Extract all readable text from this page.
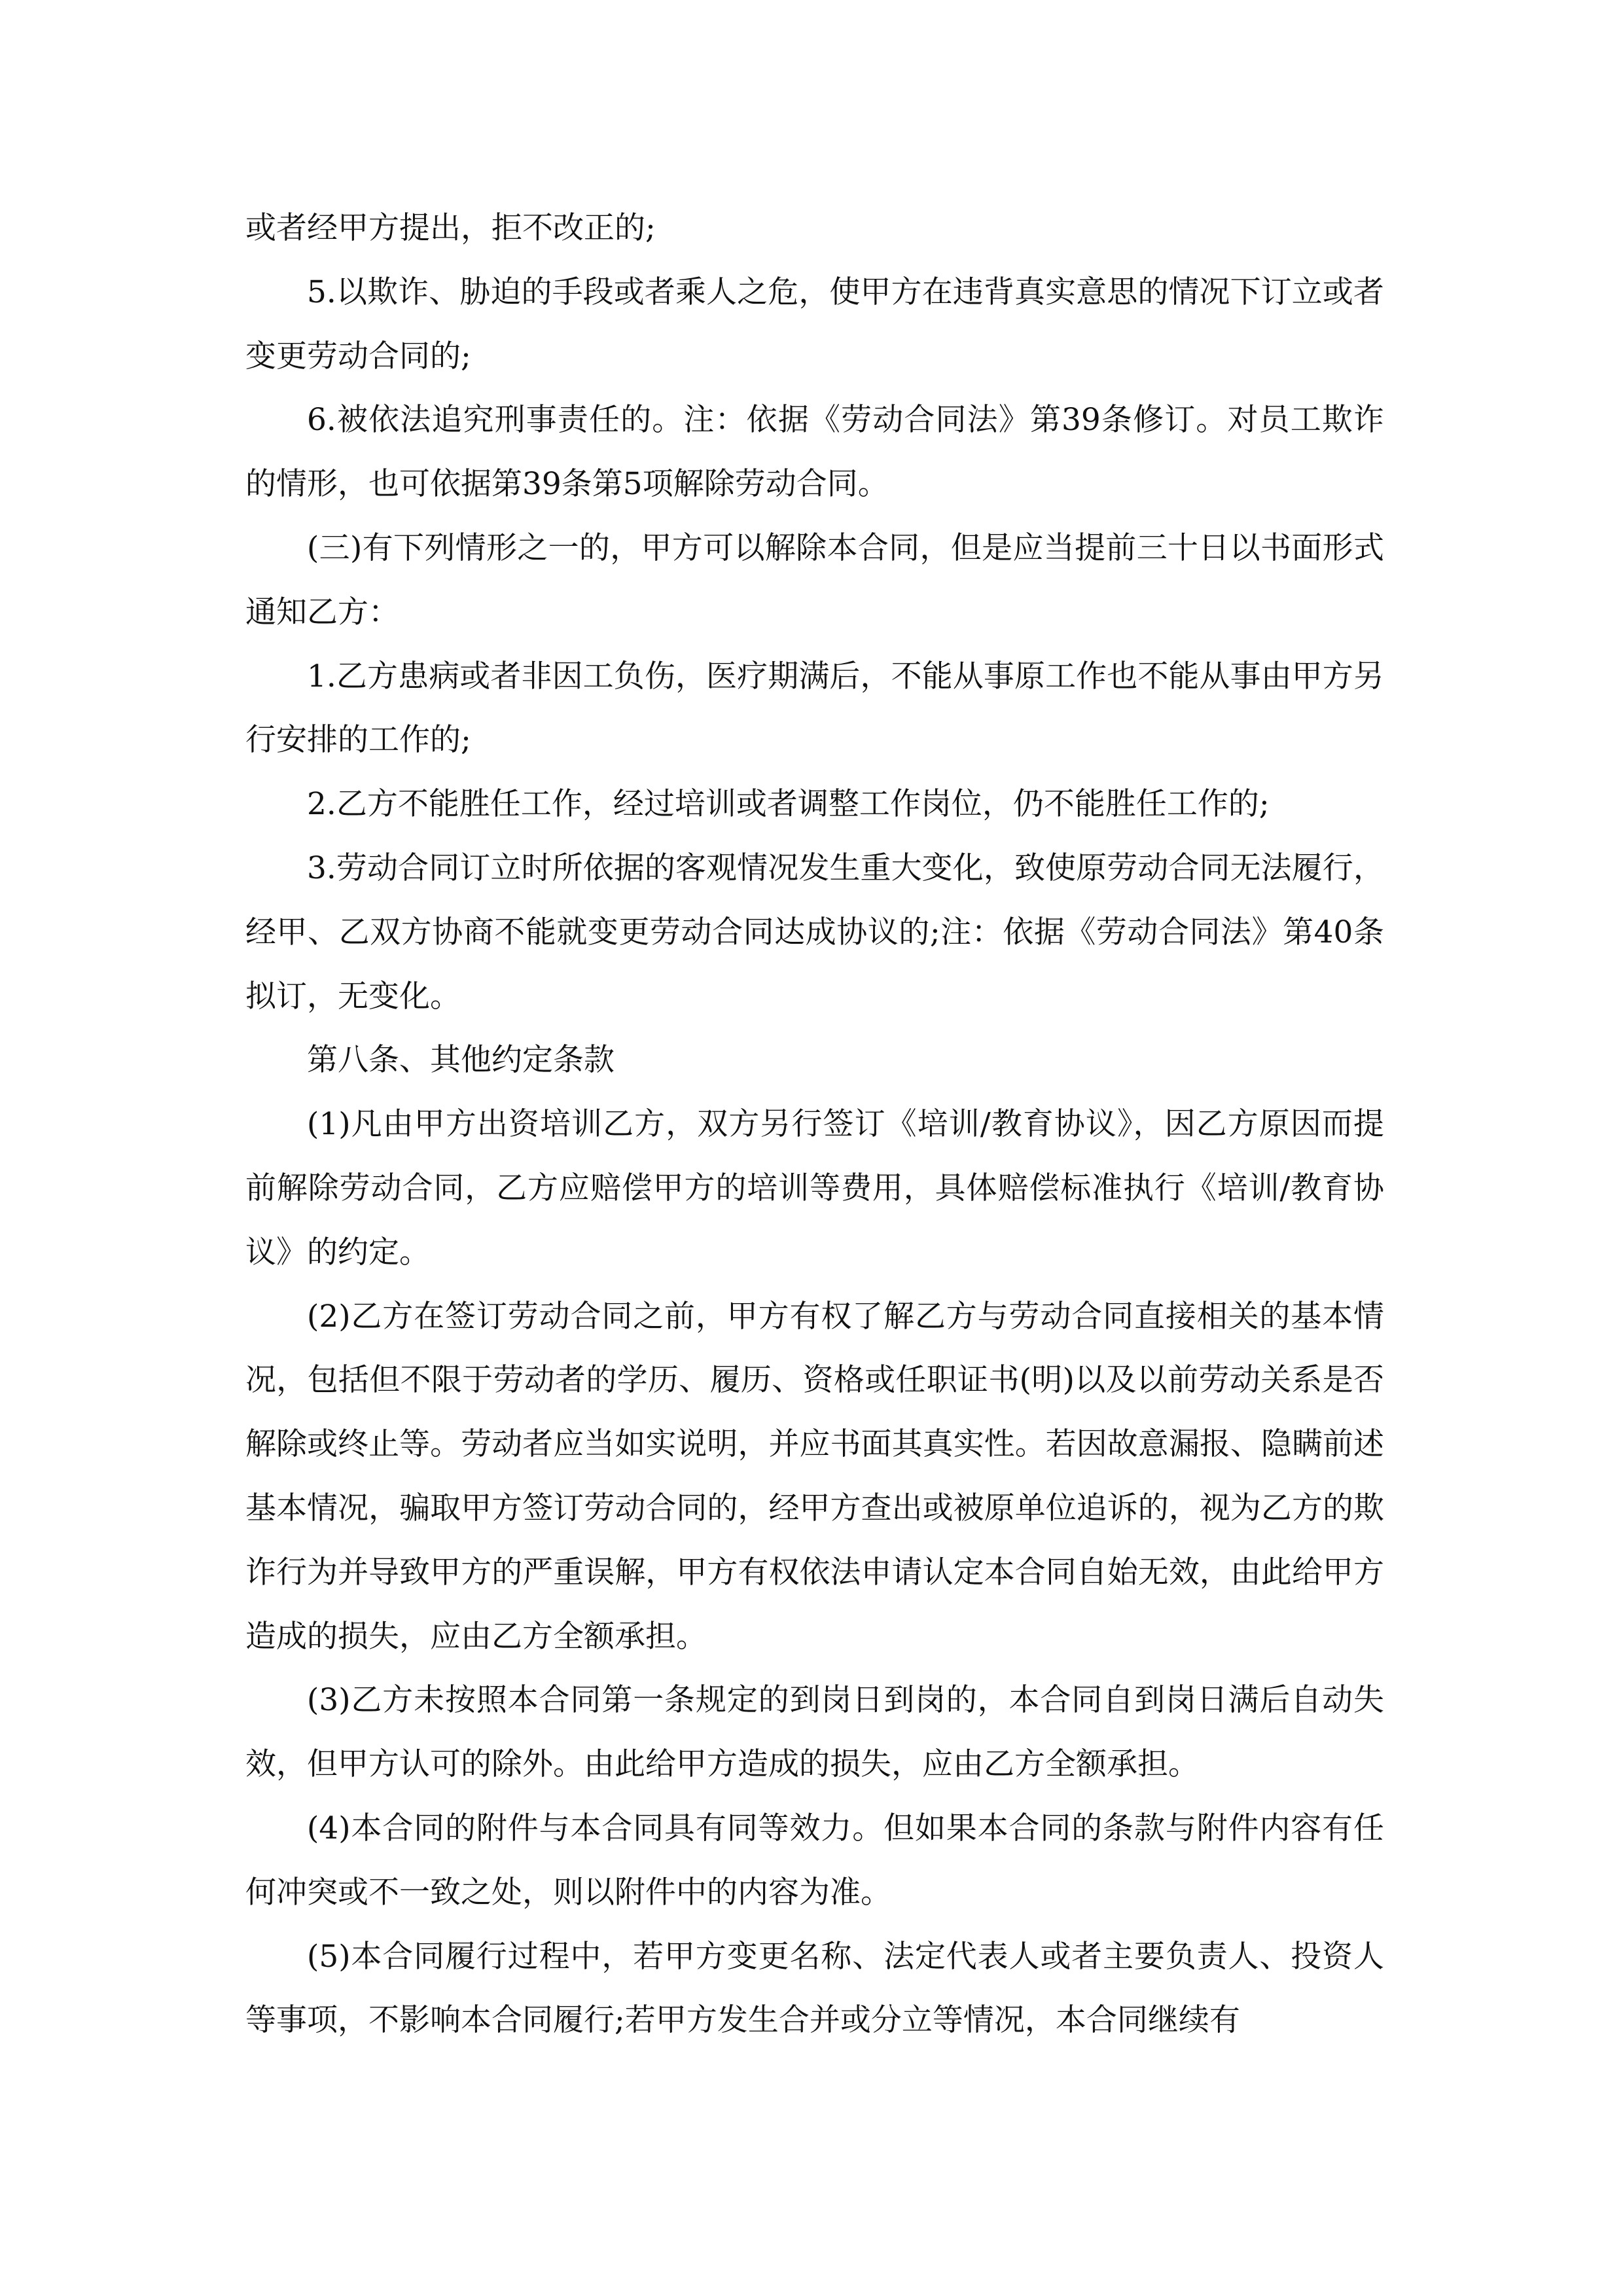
或者经甲方提出，拒不改正的;

5.以欺诈、胁迫的手段或者乘人之危，使甲方在违背真实意思的情况下订立或者变更劳动合同的;

6.被依法追究刑事责任的。注：依据《劳动合同法》第39条修订。对员工欺诈的情形，也可依据第39条第5项解除劳动合同。

(三)有下列情形之一的，甲方可以解除本合同，但是应当提前三十日以书面形式通知乙方：

1.乙方患病或者非因工负伤，医疗期满后，不能从事原工作也不能从事由甲方另行安排的工作的;

2.乙方不能胜任工作，经过培训或者调整工作岗位，仍不能胜任工作的;

3.劳动合同订立时所依据的客观情况发生重大变化，致使原劳动合同无法履行，经甲、乙双方协商不能就变更劳动合同达成协议的;注：依据《劳动合同法》第40条拟订，无变化。

第八条、其他约定条款

(1)凡由甲方出资培训乙方，双方另行签订《培训/教育协议》，因乙方原因而提前解除劳动合同，乙方应赔偿甲方的培训等费用，具体赔偿标准执行《培训/教育协议》的约定。

(2)乙方在签订劳动合同之前，甲方有权了解乙方与劳动合同直接相关的基本情况，包括但不限于劳动者的学历、履历、资格或任职证书(明)以及以前劳动关系是否解除或终止等。劳动者应当如实说明，并应书面其真实性。若因故意漏报、隐瞒前述基本情况，骗取甲方签订劳动合同的，经甲方查出或被原单位追诉的，视为乙方的欺诈行为并导致甲方的严重误解，甲方有权依法申请认定本合同自始无效，由此给甲方造成的损失，应由乙方全额承担。

(3)乙方未按照本合同第一条规定的到岗日到岗的，本合同自到岗日满后自动失效，但甲方认可的除外。由此给甲方造成的损失，应由乙方全额承担。

(4)本合同的附件与本合同具有同等效力。但如果本合同的条款与附件内容有任何冲突或不一致之处，则以附件中的内容为准。

(5)本合同履行过程中，若甲方变更名称、法定代表人或者主要负责人、投资人等事项，不影响本合同履行;若甲方发生合并或分立等情况，本合同继续有
